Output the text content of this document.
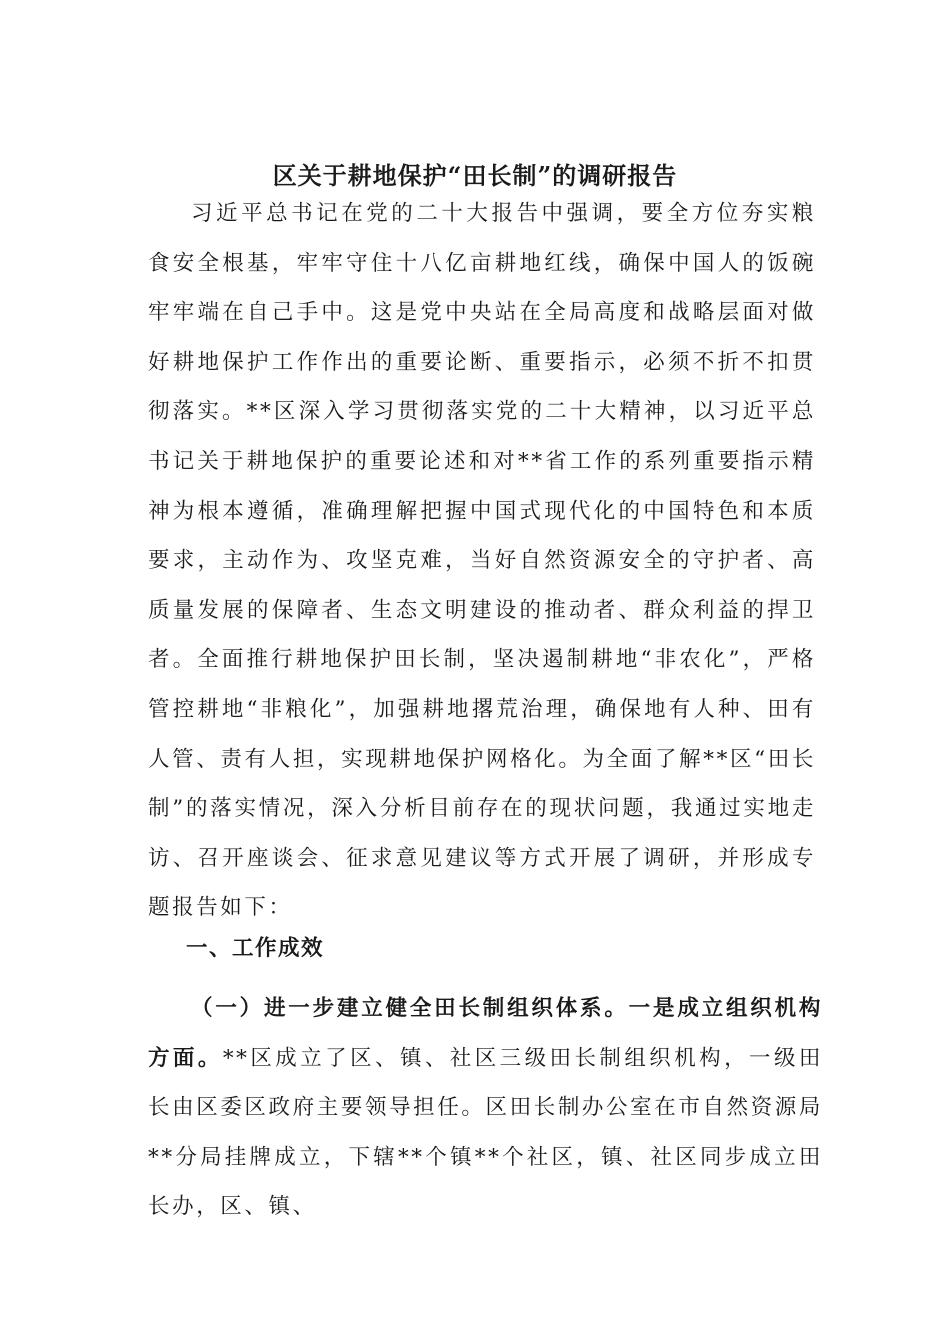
区关于耕地保护“田长制”的调研报告

习近平总书记在党的二十大报告中强调，要全方位夯实粮食安全根基，牢牢守住十八亿亩耕地红线，确保中国人的饭碗牢牢端在自己手中。这是党中央站在全局高度和战略层面对做好耕地保护工作作出的重要论断、重要指示，必须不折不扣贯彻落实。**区深入学习贯彻落实党的二十大精神，以习近平总书记关于耕地保护的重要论述和对**省工作的系列重要指示精神为根本遵循，准确理解把握中国式现代化的中国特色和本质要求，主动作为、攻坚克难，当好自然资源安全的守护者、高质量发展的保障者、生态文明建设的推动者、群众利益的捍卫者。全面推行耕地保护田长制，坚决遏制耕地“非农化”，严格管控耕地“非粮化”，加强耕地撂荒治理，确保地有人种、田有人管、责有人担，实现耕地保护网格化。为全面了解**区“田长制”的落实情况，深入分析目前存在的现状问题，我通过实地走访、召开座谈会、征求意见建议等方式开展了调研，并形成专题报告如下：

一、工作成效

（一）进一步建立健全田长制组织体系。一是成立组织机构方面。**区成立了区、镇、社区三级田长制组织机构，一级田长由区委区政府主要领导担任。区田长制办公室在市自然资源局**分局挂牌成立，下辖**个镇**个社区，镇、社区同步成立田长办，区、镇、
